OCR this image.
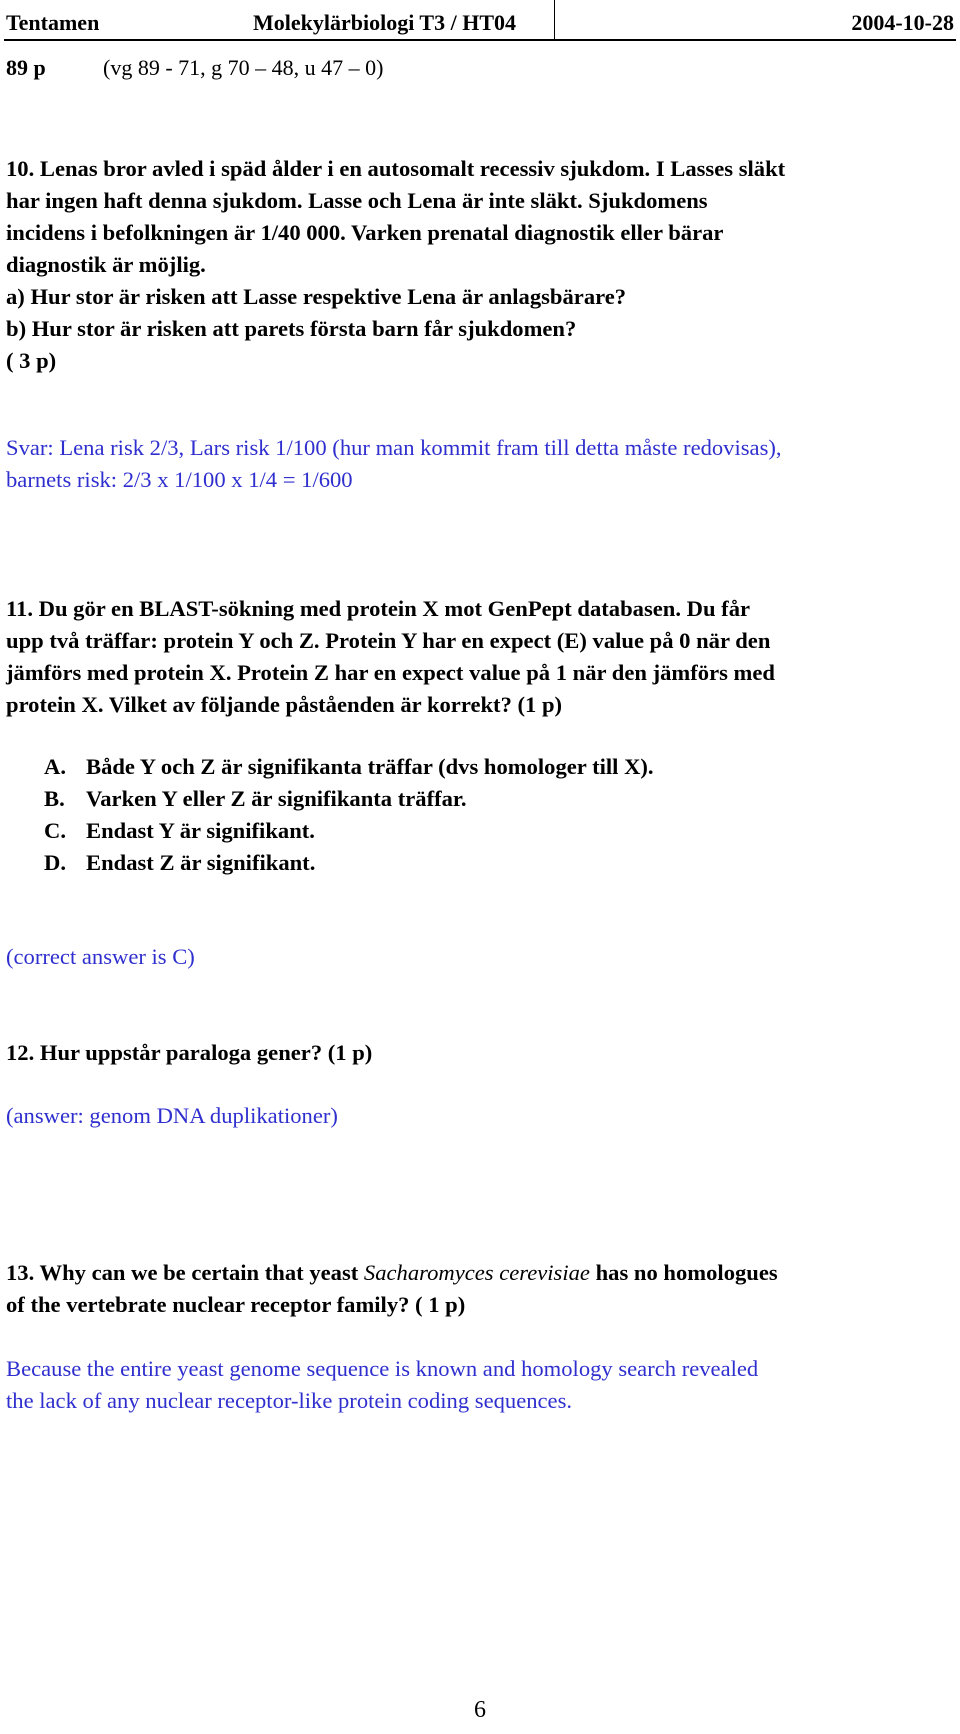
Tentamen	Molekylärbiologi T3 / HT04	2004-10-28
89 p	(vg 89 - 71, g 70 – 48, u 47 – 0)
10. Lenas bror avled i späd ålder i en autosomalt recessiv sjukdom. I Lasses släkt
har ingen haft denna sjukdom. Lasse och Lena är inte släkt. Sjukdomens
incidens i befolkningen är 1/40 000. Varken prenatal diagnostik eller bärar
diagnostik är möjlig.
a) Hur stor är risken att Lasse respektive Lena är anlagsbärare?
b) Hur stor är risken att parets första barn får sjukdomen?
( 3 p)
Svar: Lena risk 2/3, Lars risk 1/100 (hur man kommit fram till detta måste redovisas),
barnets risk: 2/3 x 1/100 x 1/4 = 1/600
11. Du gör en BLAST-sökning med protein X mot GenPept databasen. Du får
upp två träffar: protein Y och Z. Protein Y har en expect (E) value på 0 när den
jämförs med protein X. Protein Z har en expect value på 1 när den jämförs med
protein X. Vilket av följande påståenden är korrekt? (1 p)
A. Både Y och Z är signifikanta träffar (dvs homologer till X).
B. Varken Y eller Z är signifikanta träffar.
C. Endast Y är signifikant.
D. Endast Z är signifikant.
(correct answer is C)
12. Hur uppstår paraloga gener? (1 p)
(answer: genom DNA duplikationer)
13. Why can we be certain that yeast Sacharomyces cerevisiae has no homologues
of the vertebrate nuclear receptor family? ( 1 p)
Because the entire yeast genome sequence is known and homology search revealed
the lack of any nuclear receptor-like protein coding sequences.
6
